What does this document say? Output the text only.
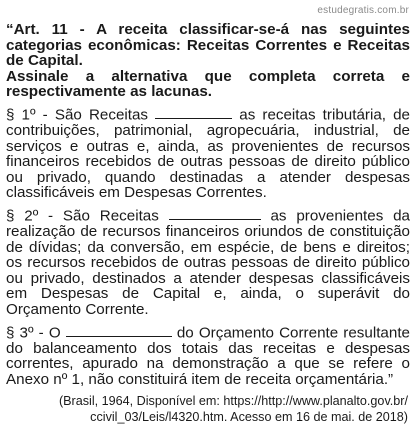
estudegratis.com.br

“Art. 11 - A receita classificar-se-á nas seguintes categorias econômicas: Receitas Correntes e Receitas de Capital.

Assinale a alternativa que completa correta e respectivamente as lacunas.

§ 1º - São Receitas	as receitas tributária, de contribuições, patrimonial, agropecuária, industrial, de serviços e outras e, ainda, as provenientes de recursos financeiros recebidos de outras pessoas de direito público ou privado, quando destinadas a atender despesas classificáveis em Despesas Correntes.

§ 2º - São Receitas	as provenientes da realização de recursos financeiros oriundos de constituição de dívidas; da conversão, em espécie, de bens e direitos; os recursos recebidos de outras pessoas de direito público ou privado, destinados a atender despesas classificáveis em Despesas de Capital e, ainda, o superávit do Orçamento Corrente.

§ 3º - O	do Orçamento Corrente resultante do balanceamento dos totais das receitas e despesas correntes, apurado na demonstração a que se refere o Anexo nº 1, não constituirá item de receita orçamentária.”

(Brasil, 1964, Disponível em: https://http://www.planalto.gov.br/
ccivil_03/Leis/l4320.htm. Acesso em 16 de mai. de 2018)
